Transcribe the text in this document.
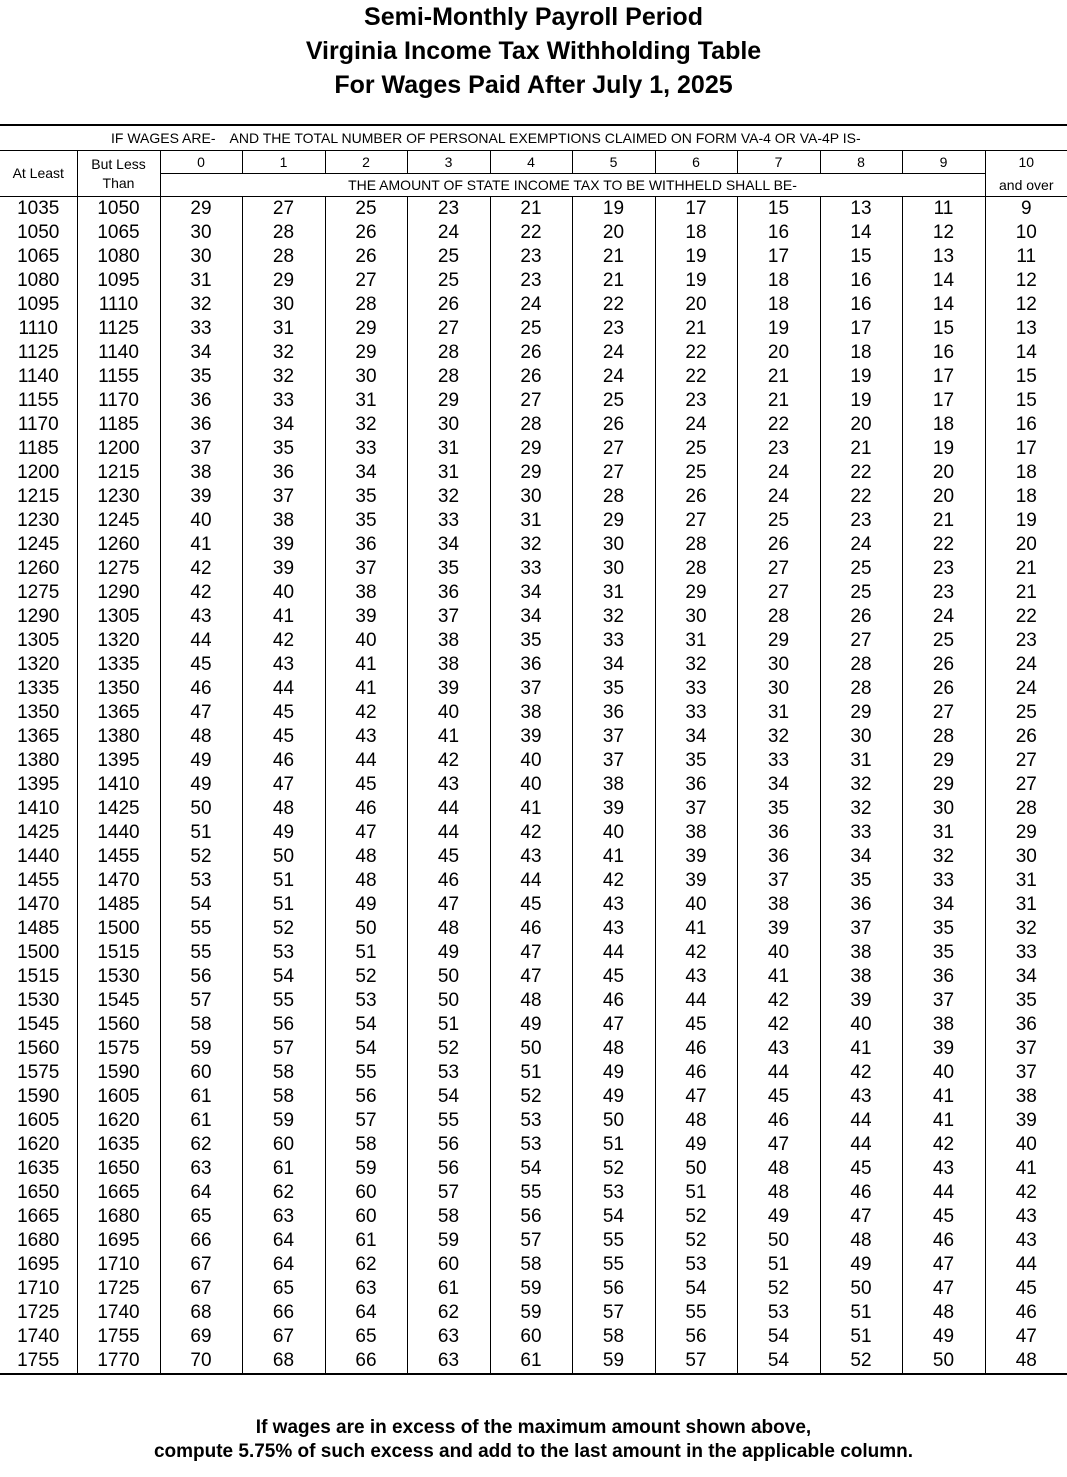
Semi-Monthly Payroll Period
Virginia Income Tax Withholding Table
For Wages Paid After July 1, 2025
IF WAGES ARE- AND THE TOTAL NUMBER OF PERSONAL EXEMPTIONS CLAIMED ON FORM VA-4 OR VA-4P IS-												
At Least	But Less Than	0	1	2	3	4	5	6	7	8	9	10
		THE AMOUNT OF STATE INCOME TAX TO BE WITHHELD SHALL BE-										and over
1035	1050	29	27	25	23	21	19	17	15	13	11	9
1050	1065	30	28	26	24	22	20	18	16	14	12	10
1065	1080	30	28	26	25	23	21	19	17	15	13	11
1080	1095	31	29	27	25	23	21	19	18	16	14	12
1095	1110	32	30	28	26	24	22	20	18	16	14	12
1110	1125	33	31	29	27	25	23	21	19	17	15	13
1125	1140	34	32	29	28	26	24	22	20	18	16	14
1140	1155	35	32	30	28	26	24	22	21	19	17	15
1155	1170	36	33	31	29	27	25	23	21	19	17	15
1170	1185	36	34	32	30	28	26	24	22	20	18	16
1185	1200	37	35	33	31	29	27	25	23	21	19	17
1200	1215	38	36	34	31	29	27	25	24	22	20	18
1215	1230	39	37	35	32	30	28	26	24	22	20	18
1230	1245	40	38	35	33	31	29	27	25	23	21	19
1245	1260	41	39	36	34	32	30	28	26	24	22	20
1260	1275	42	39	37	35	33	30	28	27	25	23	21
1275	1290	42	40	38	36	34	31	29	27	25	23	21
1290	1305	43	41	39	37	34	32	30	28	26	24	22
1305	1320	44	42	40	38	35	33	31	29	27	25	23
1320	1335	45	43	41	38	36	34	32	30	28	26	24
1335	1350	46	44	41	39	37	35	33	30	28	26	24
1350	1365	47	45	42	40	38	36	33	31	29	27	25
1365	1380	48	45	43	41	39	37	34	32	30	28	26
1380	1395	49	46	44	42	40	37	35	33	31	29	27
1395	1410	49	47	45	43	40	38	36	34	32	29	27
1410	1425	50	48	46	44	41	39	37	35	32	30	28
1425	1440	51	49	47	44	42	40	38	36	33	31	29
1440	1455	52	50	48	45	43	41	39	36	34	32	30
1455	1470	53	51	48	46	44	42	39	37	35	33	31
1470	1485	54	51	49	47	45	43	40	38	36	34	31
1485	1500	55	52	50	48	46	43	41	39	37	35	32
1500	1515	55	53	51	49	47	44	42	40	38	35	33
1515	1530	56	54	52	50	47	45	43	41	38	36	34
1530	1545	57	55	53	50	48	46	44	42	39	37	35
1545	1560	58	56	54	51	49	47	45	42	40	38	36
1560	1575	59	57	54	52	50	48	46	43	41	39	37
1575	1590	60	58	55	53	51	49	46	44	42	40	37
1590	1605	61	58	56	54	52	49	47	45	43	41	38
1605	1620	61	59	57	55	53	50	48	46	44	41	39
1620	1635	62	60	58	56	53	51	49	47	44	42	40
1635	1650	63	61	59	56	54	52	50	48	45	43	41
1650	1665	64	62	60	57	55	53	51	48	46	44	42
1665	1680	65	63	60	58	56	54	52	49	47	45	43
1680	1695	66	64	61	59	57	55	52	50	48	46	43
1695	1710	67	64	62	60	58	55	53	51	49	47	44
1710	1725	67	65	63	61	59	56	54	52	50	47	45
1725	1740	68	66	64	62	59	57	55	53	51	48	46
1740	1755	69	67	65	63	60	58	56	54	51	49	47
1755	1770	70	68	66	63	61	59	57	54	52	50	48
If wages are in excess of the maximum amount shown above,
compute 5.75% of such excess and add to the last amount in the applicable column.
